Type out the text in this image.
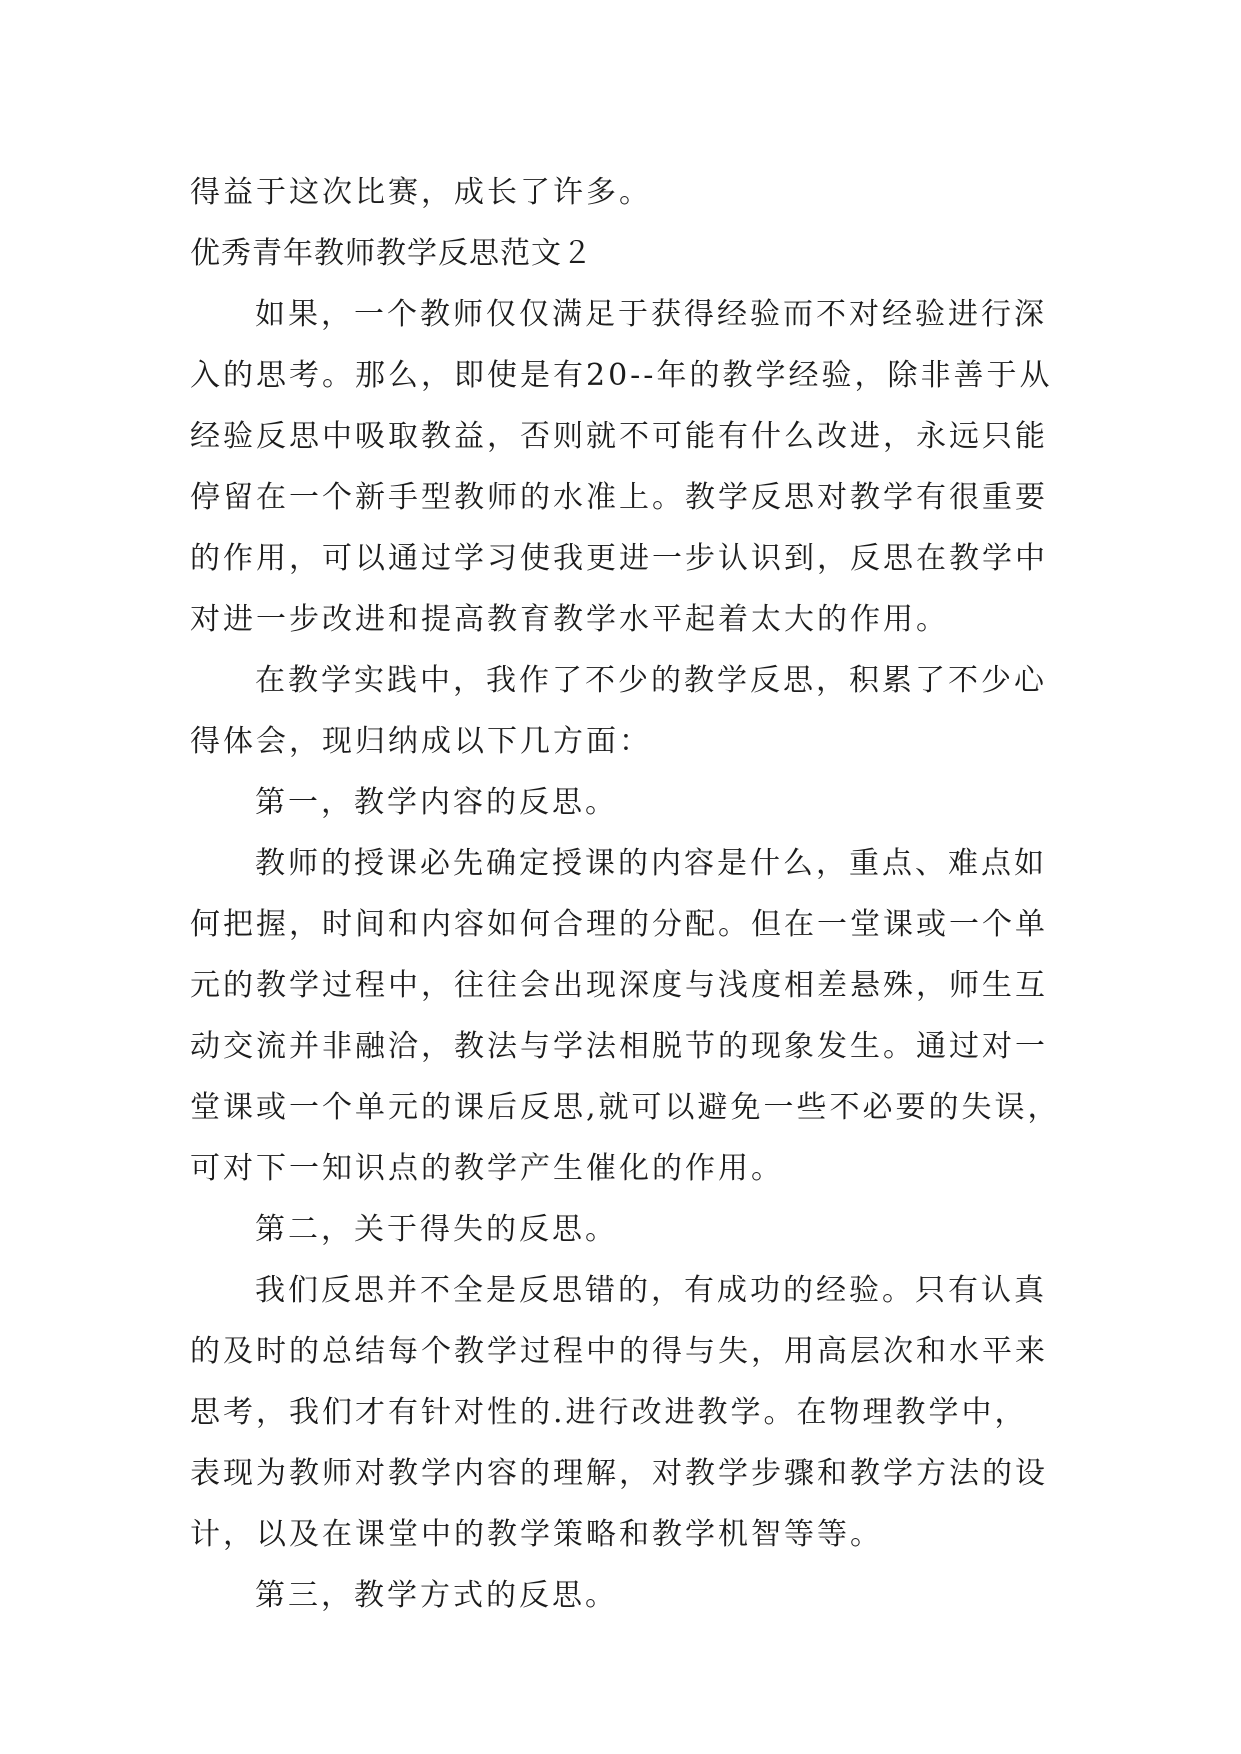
得益于这次比赛，成长了许多。
优秀青年教师教学反思范文２
如果，一个教师仅仅满足于获得经验而不对经验进行深
入的思考。那么，即使是有20--年的教学经验，除非善于从
经验反思中吸取教益，否则就不可能有什么改进，永远只能
停留在一个新手型教师的水准上。教学反思对教学有很重要
的作用，可以通过学习使我更进一步认识到，反思在教学中
对进一步改进和提高教育教学水平起着太大的作用。
在教学实践中，我作了不少的教学反思，积累了不少心
得体会，现归纳成以下几方面：
第一，教学内容的反思。
教师的授课必先确定授课的内容是什么，重点、难点如
何把握，时间和内容如何合理的分配。但在一堂课或一个单
元的教学过程中，往往会出现深度与浅度相差悬殊，师生互
动交流并非融洽，教法与学法相脱节的现象发生。通过对一
堂课或一个单元的课后反思,就可以避免一些不必要的失误，
可对下一知识点的教学产生催化的作用。
第二，关于得失的反思。
我们反思并不全是反思错的，有成功的经验。只有认真
的及时的总结每个教学过程中的得与失，用高层次和水平来
思考，我们才有针对性的.进行改进教学。在物理教学中，
表现为教师对教学内容的理解，对教学步骤和教学方法的设
计，以及在课堂中的教学策略和教学机智等等。
第三，教学方式的反思。
